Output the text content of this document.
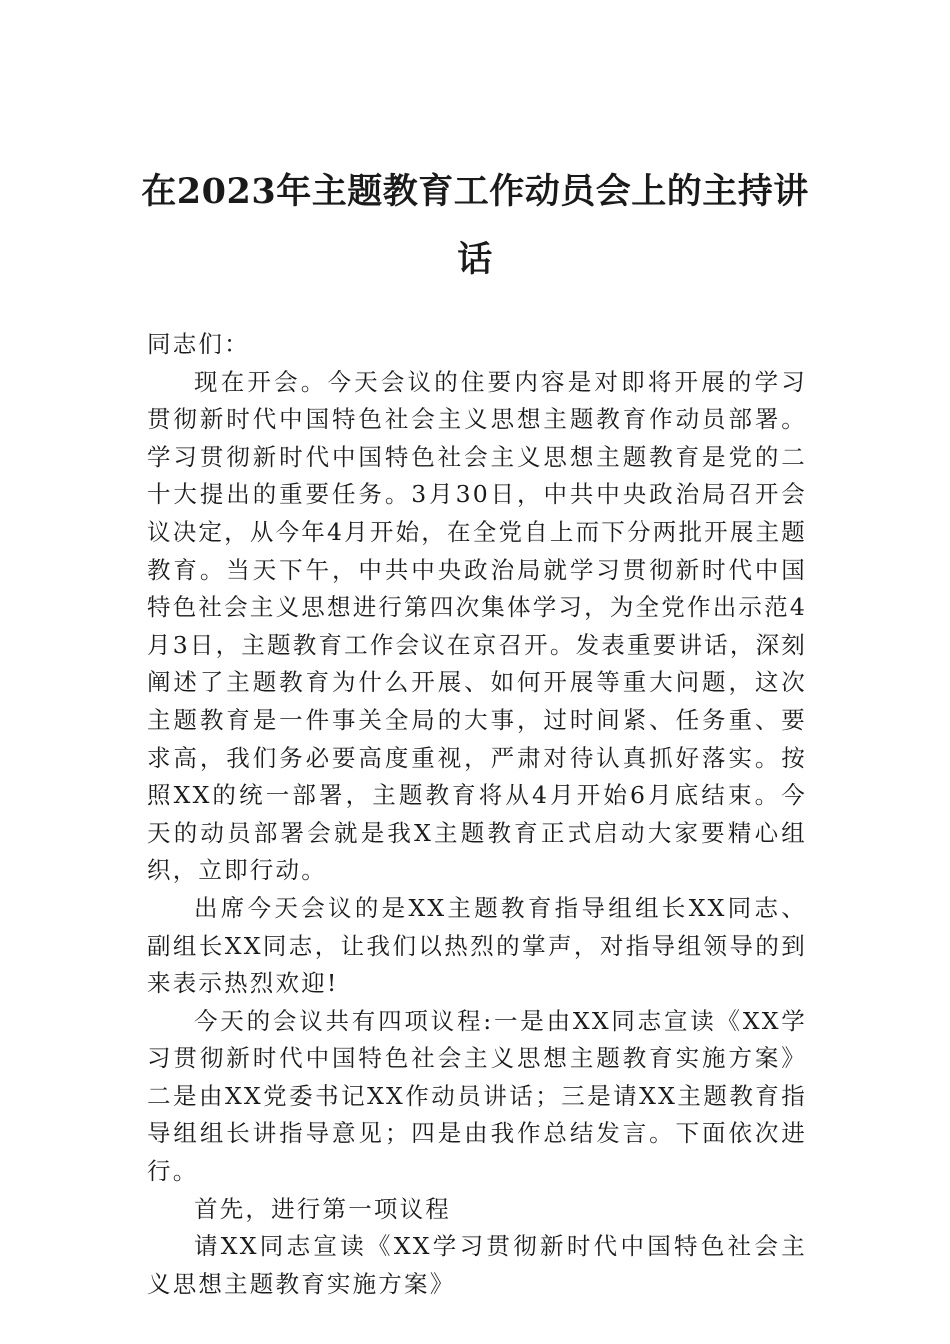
在2023年主题教育工作动员会上的主持讲话

同志们：

现在开会。今天会议的住要内容是对即将开展的学习贯彻新时代中国特色社会主义思想主题教育作动员部署。学习贯彻新时代中国特色社会主义思想主题教育是党的二十大提出的重要任务。3月30日，中共中央政治局召开会议决定，从今年4月开始，在全党自上而下分两批开展主题教育。当天下午，中共中央政治局就学习贯彻新时代中国特色社会主义思想进行第四次集体学习，为全党作出示范4月3日，主题教育工作会议在京召开。发表重要讲话，深刻阐述了主题教育为什么开展、如何开展等重大问题，这次主题教育是一件事关全局的大事，过时间紧、任务重、要求高，我们务必要高度重视，严肃对待认真抓好落实。按照XX的统一部署，主题教育将从4月开始6月底结束。今天的动员部署会就是我X主题教育正式启动大家要精心组织，立即行动。

出席今天会议的是XX主题教育指导组组长XX同志、副组长XX同志，让我们以热烈的掌声，对指导组领导的到来表示热烈欢迎!

今天的会议共有四项议程:一是由XX同志宣读《XX学习贯彻新时代中国特色社会主义思想主题教育实施方案》二是由XX党委书记XX作动员讲话；三是请XX主题教育指导组组长讲指导意见；四是由我作总结发言。下面依次进行。

首先，进行第一项议程

请XX同志宣读《XX学习贯彻新时代中国特色社会主义思想主题教育实施方案》
